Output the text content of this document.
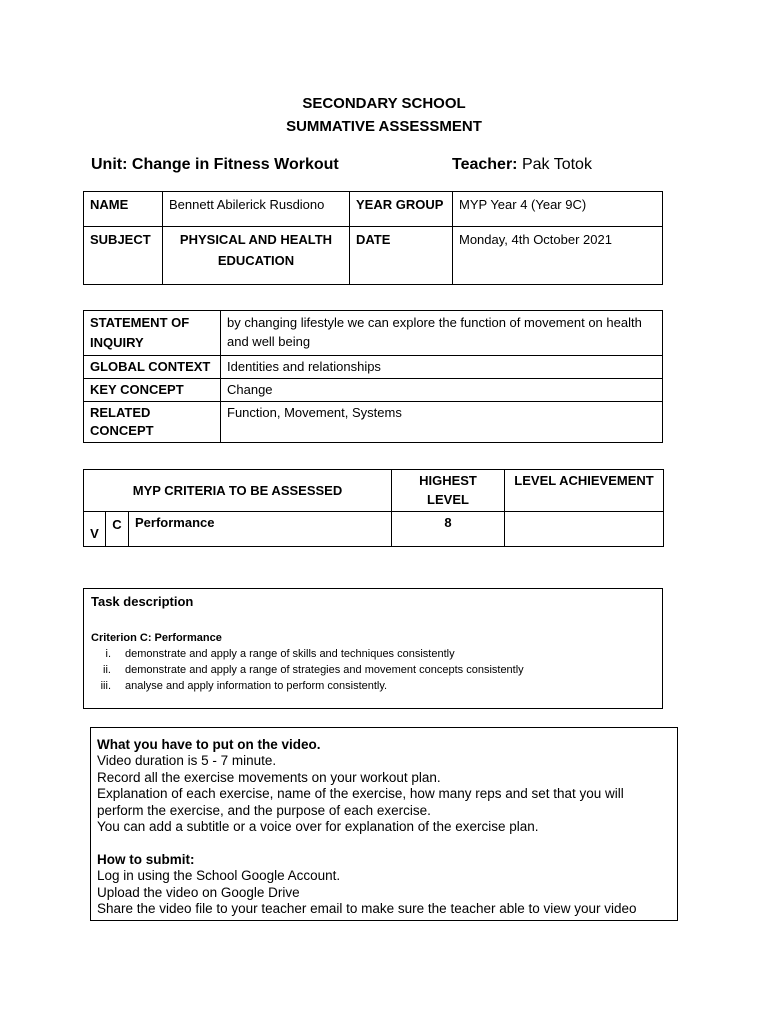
SECONDARY SCHOOL
SUMMATIVE ASSESSMENT
Unit: Change in Fitness Workout	Teacher: Pak Totok
NAME	Bennett Abilerick Rusdiono	YEAR GROUP	MYP Year 4 (Year 9C)
SUBJECT	PHYSICAL AND HEALTH EDUCATION	DATE	Monday, 4th October 2021
STATEMENT OF INQUIRY	by changing lifestyle we can explore the function of movement on health and well being
GLOBAL CONTEXT	Identities and relationships
KEY CONCEPT	Change
RELATED CONCEPT	Function, Movement, Systems
MYP CRITERIA TO BE ASSESSED			HIGHEST LEVEL	LEVEL ACHIEVEMENT
V	C	Performance	8	
Task description
Criterion C: Performance
i. demonstrate and apply a range of skills and techniques consistently
ii. demonstrate and apply a range of strategies and movement concepts consistently
iii. analyse and apply information to perform consistently.

What you have to put on the video.

Video duration is 5 - 7 minute.

Record all the exercise movements on your workout plan.

Explanation of each exercise, name of the exercise, how many reps and set that you will perform the exercise, and the purpose of each exercise.

You can add a subtitle or a voice over for explanation of the exercise plan.

How to submit:

Log in using the School Google Account.

Upload the video on Google Drive

Share the video file to your teacher email to make sure the teacher able to view your video
